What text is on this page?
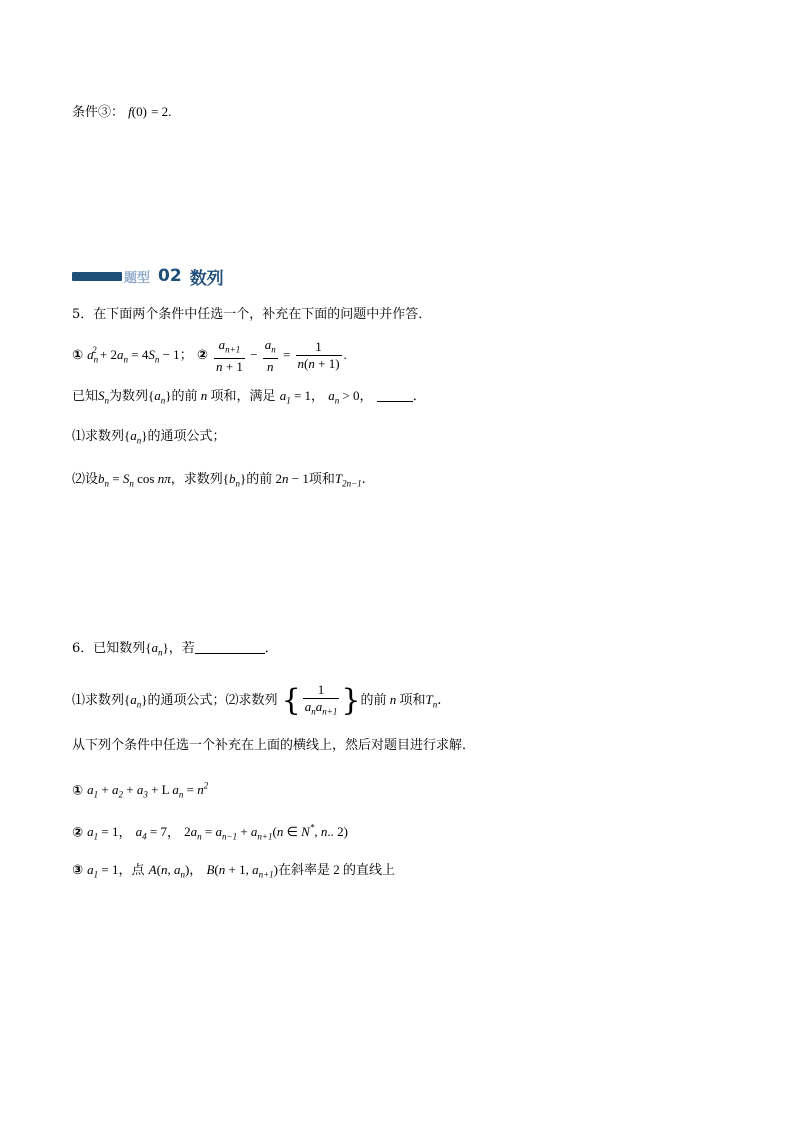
条件③： f(0) = 2.
题型 02 数列
5．在下面两个条件中任选一个，补充在下面的问题中并作答．
① $a_n^2 + 2a_n = 4S_n - 1$； ② $\frac{a_{n+1}}{n + 1} - \frac{a_n}{n} = \frac{1}{n(n + 1)}$ .
已知$S_n$为数列$\{a_n\}$的前 n 项和，满足 $a_1 = 1$， $a_n > 0$，	．
⑴求数列$\{a_n\}$的通项公式；
⑵设$b_n = S_n$ cos nπ，求数列$\{b_n\}$的前 2n − 1项和$T_{2n-1}$.
6．已知数列$\{a_n\}$，若	．
⑴求数列$\{a_n\}$的通项公式；⑵求数列 { $\frac{1}{a_na_{n+1}}$ }的前 n 项和$T_n$.
从下列个条件中任选一个补充在上面的横线上，然后对题目进行求解．
① $a_1 + a_2 + a_3 + L$ $a_n = n^2$
② $a_1 = 1$， $a_4 = 7$， $2a_n = a_{n-1} + a_{n+1}(n$ ∈ N*, n.. 2)
③ $a_1 = 1$，点 A(n, $a_n$)， B(n + 1, $a_{n+1}$)在斜率是 2 的直线上
